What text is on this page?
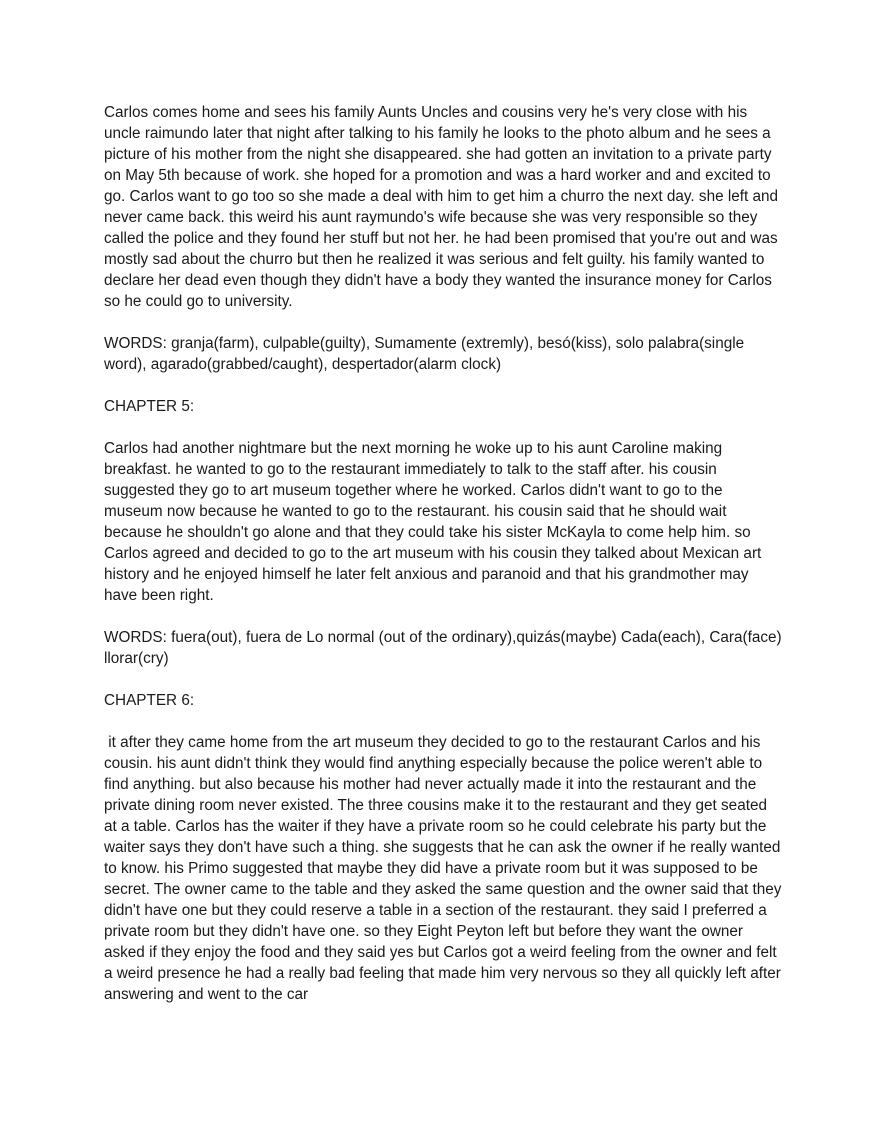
Carlos comes home and sees his family Aunts Uncles and cousins very he's very close with his uncle raimundo later that night after talking to his family he looks to the photo album and he sees a picture of his mother from the night she disappeared. she had gotten an invitation to a private party on May 5th because of work. she hoped for a promotion and was a hard worker and and excited to go. Carlos want to go too so she made a deal with him to get him a churro the next day. she left and never came back. this weird his aunt raymundo's wife because she was very responsible so they called the police and they found her stuff but not her. he had been promised that you're out and was mostly sad about the churro but then he realized it was serious and felt guilty. his family wanted to declare her dead even though they didn't have a body they wanted the insurance money for Carlos so he could go to university.

WORDS: granja(farm), culpable(guilty), Sumamente (extremly), besó(kiss), solo palabra(single word), agarado(grabbed/caught), despertador(alarm clock)

CHAPTER 5:

Carlos had another nightmare but the next morning he woke up to his aunt Caroline making breakfast. he wanted to go to the restaurant immediately to talk to the staff after. his cousin suggested they go to art museum together where he worked. Carlos didn't want to go to the museum now because he wanted to go to the restaurant. his cousin said that he should wait because he shouldn't go alone and that they could take his sister McKayla to come help him. so Carlos agreed and decided to go to the art museum with his cousin they talked about Mexican art history and he enjoyed himself he later felt anxious and paranoid and that his grandmother may have been right.

WORDS: fuera(out), fuera de Lo normal (out of the ordinary),quizás(maybe) Cada(each), Cara(face) llorar(cry)

CHAPTER 6:

it after they came home from the art museum they decided to go to the restaurant Carlos and his cousin. his aunt didn't think they would find anything especially because the police weren't able to find anything. but also because his mother had never actually made it into the restaurant and the private dining room never existed. The three cousins make it to the restaurant and they get seated at a table. Carlos has the waiter if they have a private room so he could celebrate his party but the waiter says they don't have such a thing. she suggests that he can ask the owner if he really wanted to know. his Primo suggested that maybe they did have a private room but it was supposed to be secret. The owner came to the table and they asked the same question and the owner said that they didn't have one but they could reserve a table in a section of the restaurant. they said I preferred a private room but they didn't have one. so they Eight Peyton left but before they want the owner asked if they enjoy the food and they said yes but Carlos got a weird feeling from the owner and felt a weird presence he had a really bad feeling that made him very nervous so they all quickly left after answering and went to the car
